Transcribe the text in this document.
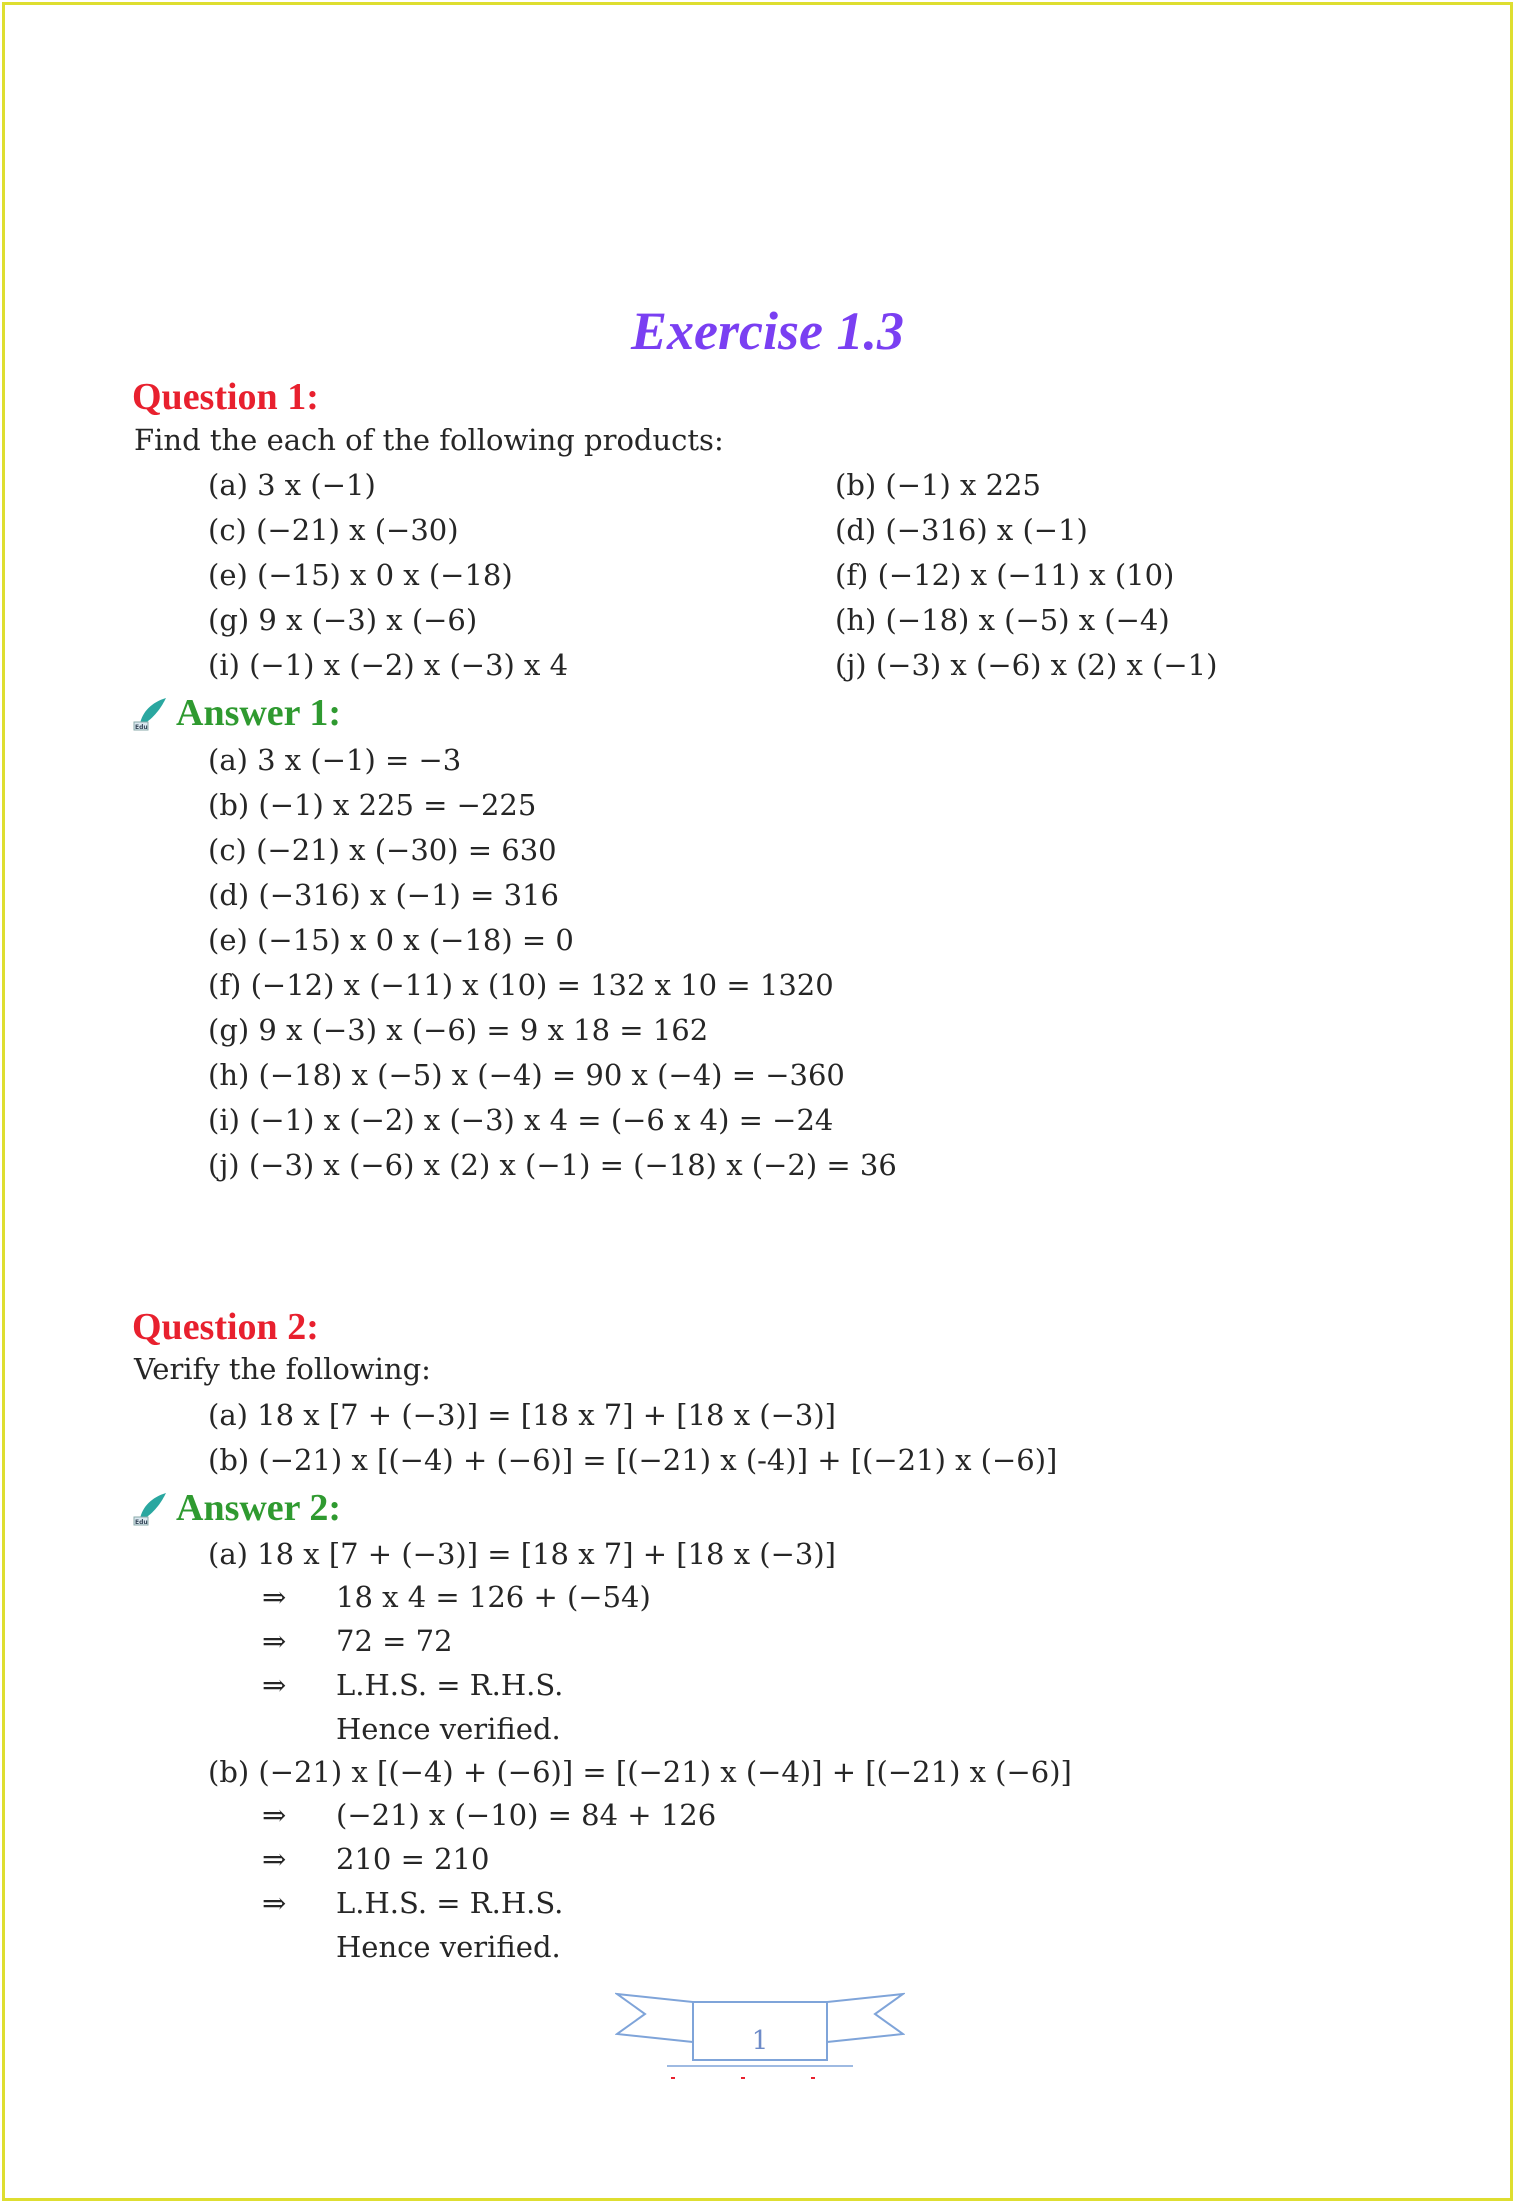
Exercise 1.3
Question 1:
Find the each of the following products:
(a) 3 x (−1)
(c) (−21) x (−30)
(e) (−15) x 0 x (−18)
(g) 9 x (−3) x (−6)
(i) (−1) x (−2) x (−3) x 4
(b) (−1) x 225
(d) (−316) x (−1)
(f) (−12) x (−11) x (10)
(h) (−18) x (−5) x (−4)
(j) (−3) x (−6) x (2) x (−1)
Edu Answer 1:
(a) 3 x (−1) = −3
(b) (−1) x 225 = −225
(c) (−21) x (−30) = 630
(d) (−316) x (−1) = 316
(e) (−15) x 0 x (−18) = 0
(f) (−12) x (−11) x (10) = 132 x 10 = 1320
(g) 9 x (−3) x (−6) = 9 x 18 = 162
(h) (−18) x (−5) x (−4) = 90 x (−4) = −360
(i) (−1) x (−2) x (−3) x 4 = (−6 x 4) = −24
(j) (−3) x (−6) x (2) x (−1) = (−18) x (−2) = 36
Question 2:
Verify the following:
(a) 18 x [7 + (−3)] = [18 x 7] + [18 x (−3)]
(b) (−21) x [(−4) + (−6)] = [(−21) x (-4)] + [(−21) x (−6)]
Edu Answer 2:
(a) 18 x [7 + (−3)] = [18 x 7] + [18 x (−3)]
⇒ 18 x 4 = 126 + (−54)
⇒ 72 = 72
⇒ L.H.S. = R.H.S.
Hence verified.
(b) (−21) x [(−4) + (−6)] = [(−21) x (−4)] + [(−21) x (−6)]
⇒ (−21) x (−10) = 84 + 126
⇒ 210 = 210
⇒ L.H.S. = R.H.S.
Hence verified.
1
